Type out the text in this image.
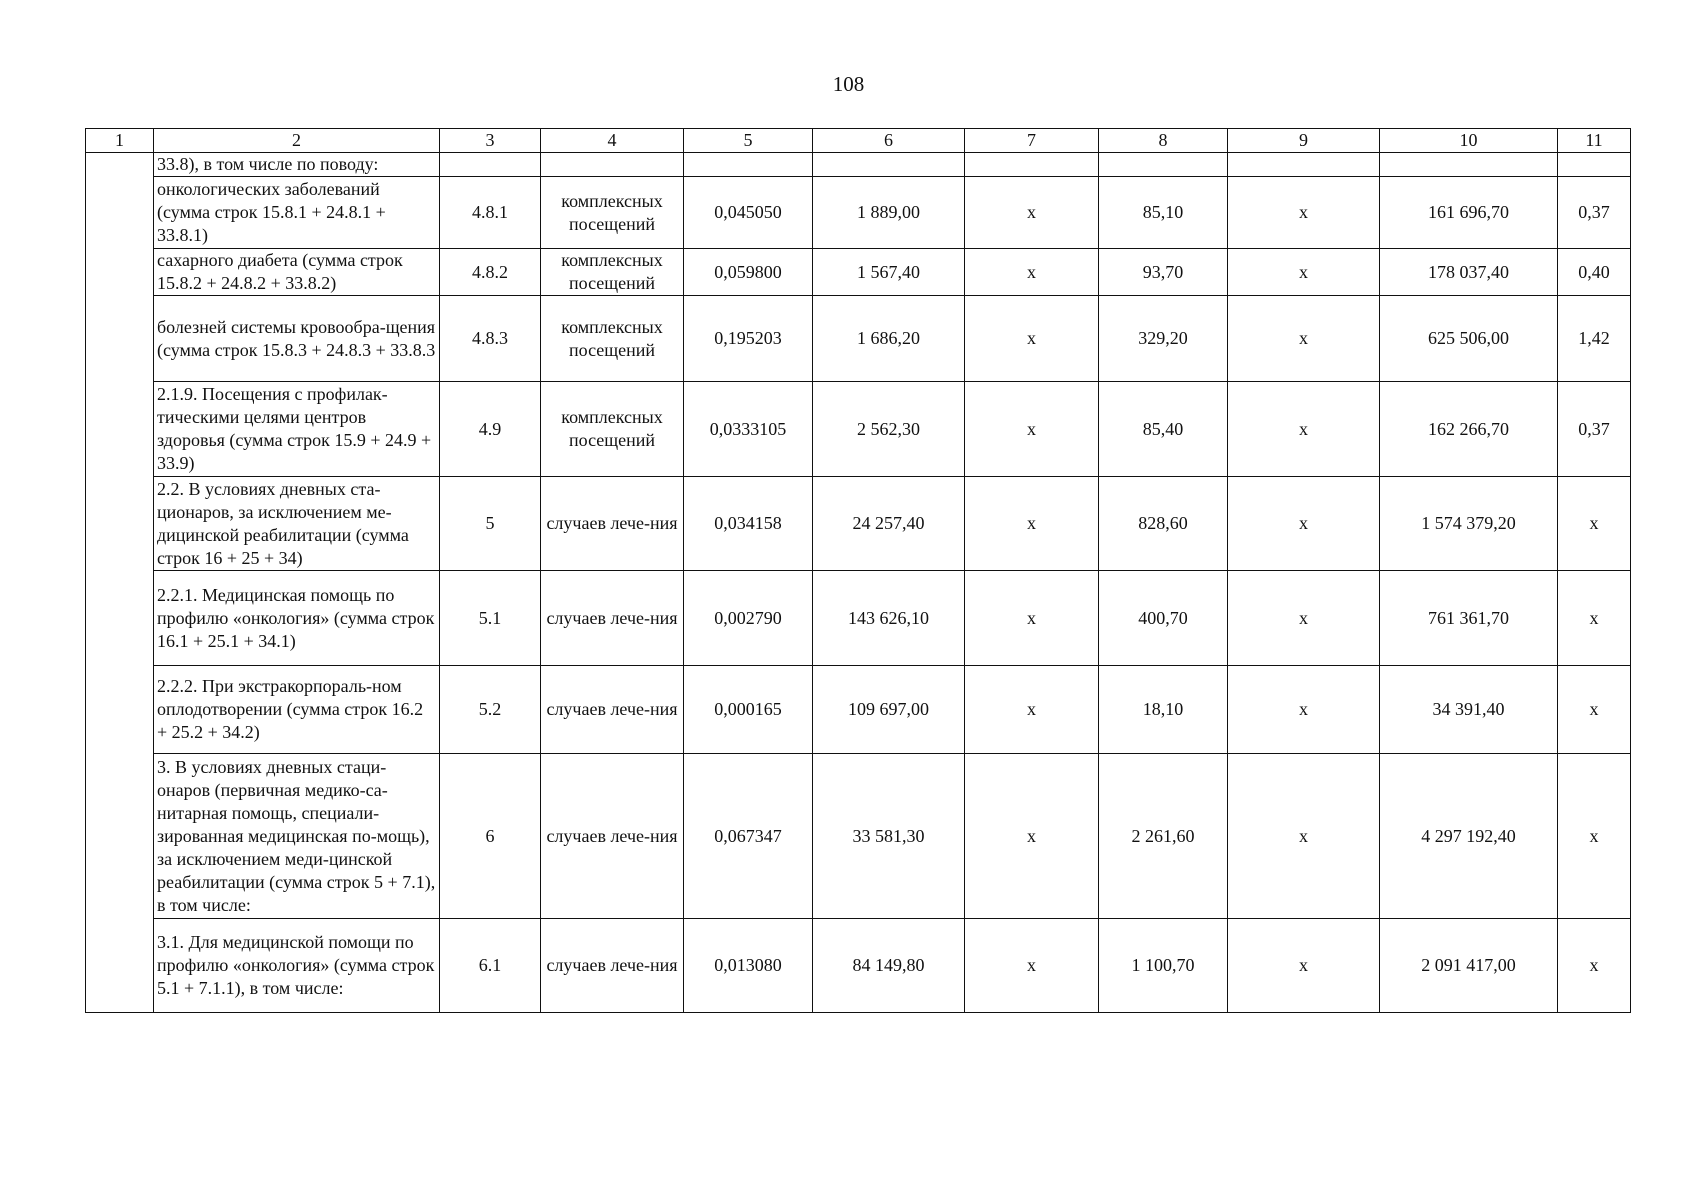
108
1	2	3	4	5	6	7	8	9	10	11
	33.8), в том числе по поводу:									
	онкологических заболеваний (сумма строк 15.8.1 + 24.8.1 + 33.8.1)	4.8.1	комплексных посещений	0,045050	1 889,00	х	85,10	х	161 696,70	0,37
	сахарного диабета (сумма строк 15.8.2 + 24.8.2 + 33.8.2)	4.8.2	комплексных посещений	0,059800	1 567,40	х	93,70	х	178 037,40	0,40
	болезней системы кровообра-щения (сумма строк 15.8.3 + 24.8.3 + 33.8.3	4.8.3	комплексных посещений	0,195203	1 686,20	х	329,20	х	625 506,00	1,42
	2.1.9. Посещения с профилак-тическими целями центров здоровья (сумма строк 15.9 + 24.9 + 33.9)	4.9	комплексных посещений	0,0333105	2 562,30	х	85,40	х	162 266,70	0,37
	2.2. В условиях дневных ста-ционаров, за исключением ме-дицинской реабилитации (сумма строк 16 + 25 + 34)	5	случаев лече-ния	0,034158	24 257,40	х	828,60	х	1 574 379,20	х
	2.2.1. Медицинская помощь по профилю «онкология» (сумма строк 16.1 + 25.1 + 34.1)	5.1	случаев лече-ния	0,002790	143 626,10	х	400,70	х	761 361,70	х
	2.2.2. При экстракорпораль-ном оплодотворении (сумма строк 16.2 + 25.2 + 34.2)	5.2	случаев лече-ния	0,000165	109 697,00	х	18,10	х	34 391,40	х
	3. В условиях дневных стаци-онаров (первичная медико-са-нитарная помощь, специали-зированная медицинская по-мощь), за исключением меди-цинской реабилитации (сумма строк 5 + 7.1), в том числе:	6	случаев лече-ния	0,067347	33 581,30	х	2 261,60	х	4 297 192,40	х
	3.1. Для медицинской помощи по профилю «онкология» (сумма строк 5.1 + 7.1.1), в том числе:	6.1	случаев лече-ния	0,013080	84 149,80	х	1 100,70	х	2 091 417,00	х
